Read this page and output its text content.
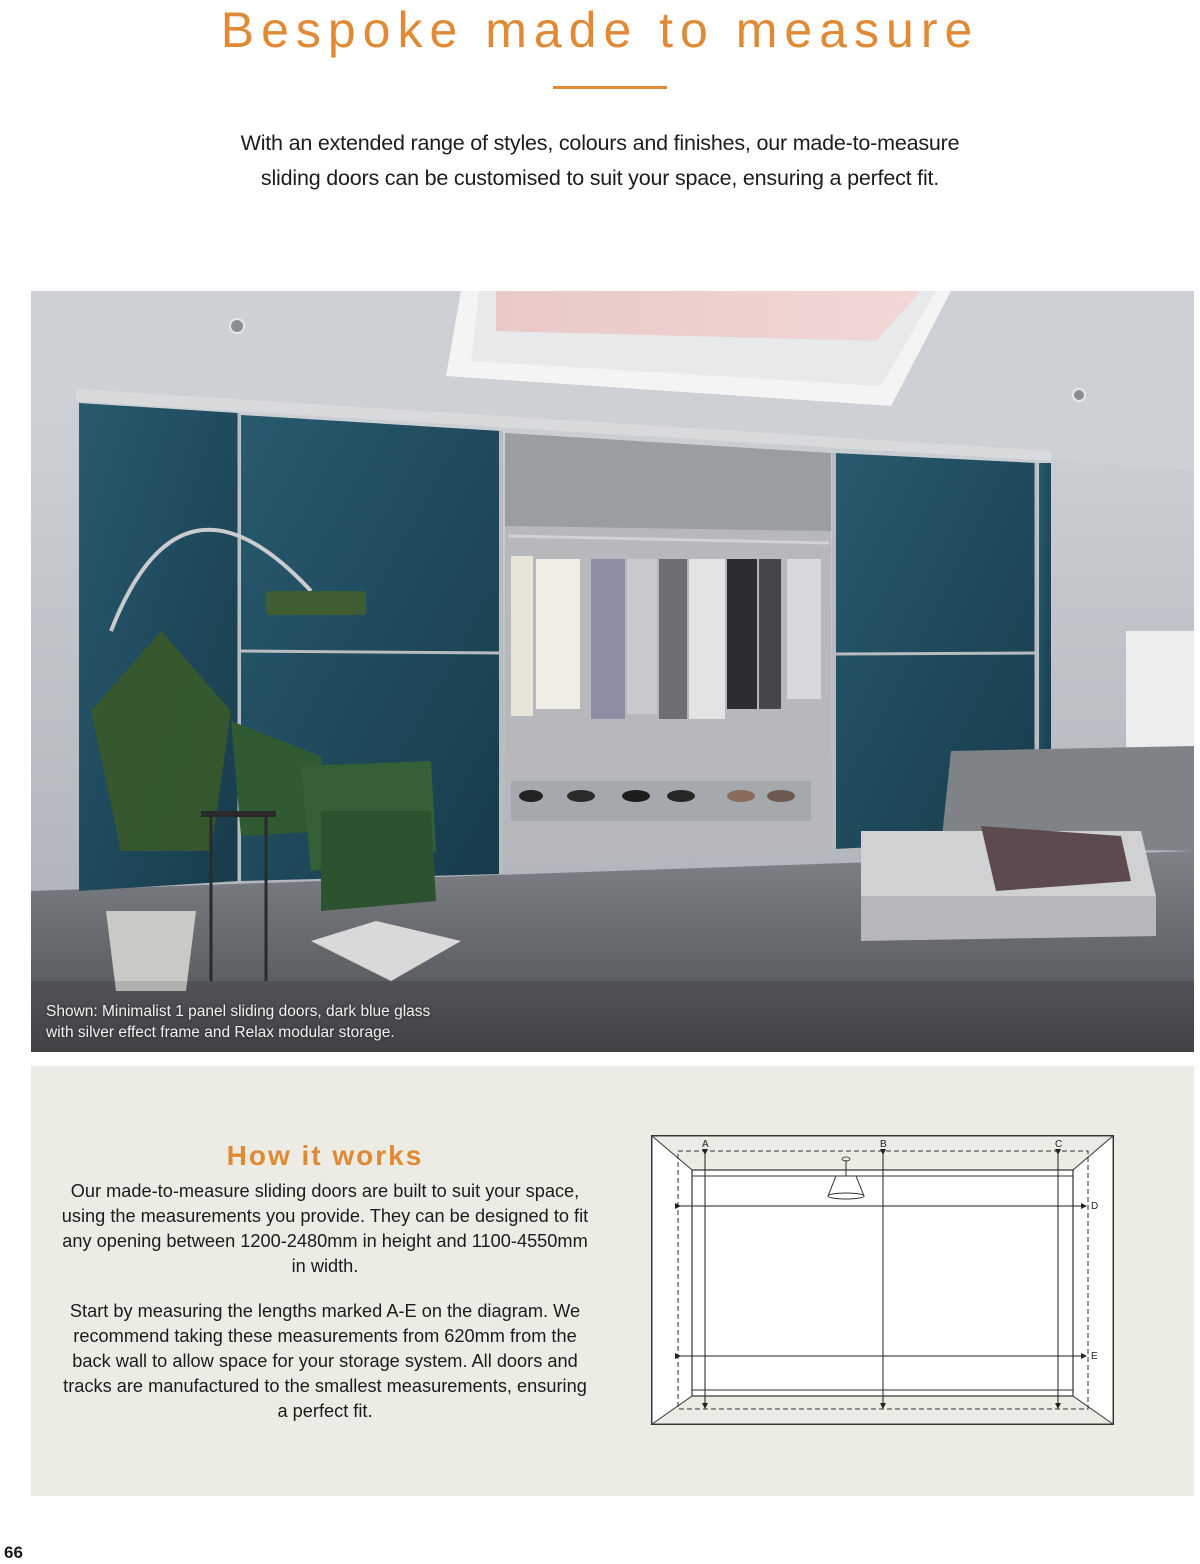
Bespoke made to measure

With an extended range of styles, colours and finishes, our made-to-measure
sliding doors can be customised to suit your space, ensuring a perfect fit.

Shown: Minimalist 1 panel sliding doors, dark blue glass
with silver effect frame and Relax modular storage.
How it works

Our made-to-measure sliding doors are built to suit your space, using the measurements you provide. They can be designed to fit any opening between 1200-2480mm in height and 1100-4550mm in width.

Start by measuring the lengths marked A-E on the diagram. We recommend taking these measurements from 620mm from the back wall to allow space for your storage system. All doors and tracks are manufactured to the smallest measurements, ensuring a perfect fit.

A	B	C
D
E
66
